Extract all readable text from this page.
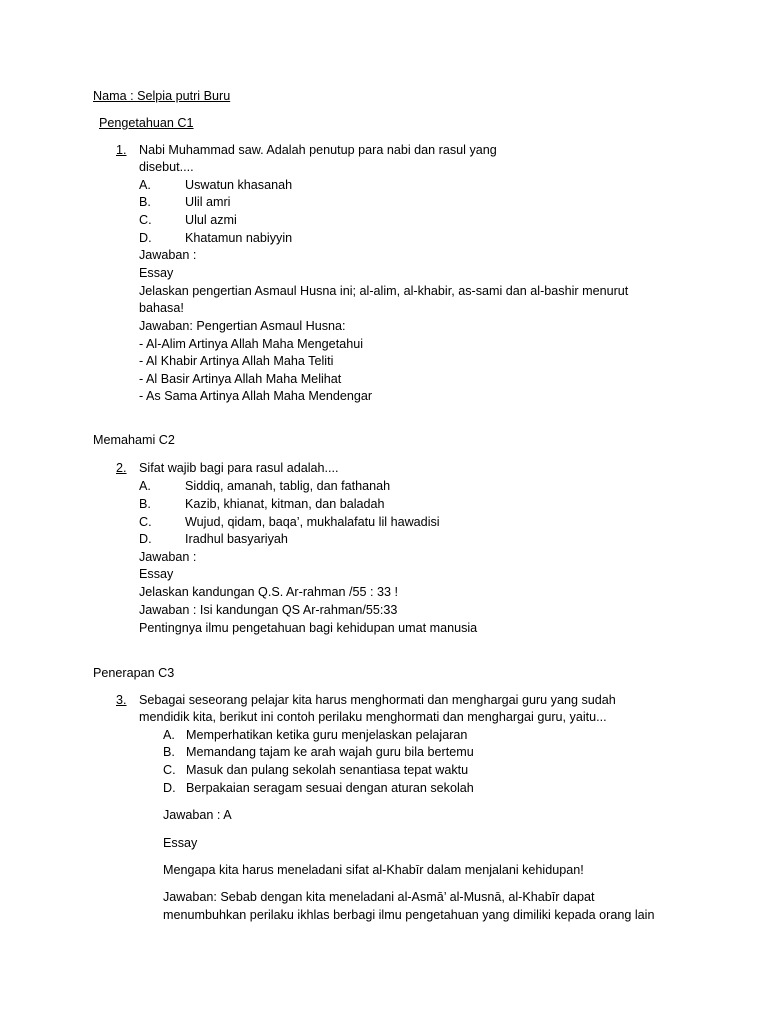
Nama : Selpia putri Buru
Pengetahuan C1
1. Nabi Muhammad saw. Adalah penutup para nabi dan rasul yang
disebut....
A.	Uswatun khasanah
B.	Ulil amri
C.	Ulul azmi
D.	Khatamun nabiyyin
Jawaban :
Essay
Jelaskan pengertian Asmaul Husna ini; al-alim, al-khabir, as-sami dan al-bashir menurut
bahasa!
Jawaban: Pengertian Asmaul Husna:
- Al-Alim Artinya Allah Maha Mengetahui
- Al Khabir Artinya Allah Maha Teliti
- Al Basir Artinya Allah Maha Melihat
- As Sama Artinya Allah Maha Mendengar
Memahami C2
2. Sifat wajib bagi para rasul adalah....
A.	Siddiq, amanah, tablig, dan fathanah
B.	Kazib, khianat, kitman, dan baladah
C.	Wujud, qidam, baqa’, mukhalafatu lil hawadisi
D.	Iradhul basyariyah
Jawaban :
Essay
Jelaskan kandungan Q.S. Ar-rahman /55 : 33 !
Jawaban : Isi kandungan QS Ar-rahman/55:33
Pentingnya ilmu pengetahuan bagi kehidupan umat manusia
Penerapan C3
3. Sebagai seseorang pelajar kita harus menghormati dan menghargai guru yang sudah
mendidik kita, berikut ini contoh perilaku menghormati dan menghargai guru, yaitu...
A. Memperhatikan ketika guru menjelaskan pelajaran
B. Memandang tajam ke arah wajah guru bila bertemu
C. Masuk dan pulang sekolah senantiasa tepat waktu
D. Berpakaian seragam sesuai dengan aturan sekolah
Jawaban : A
Essay
Mengapa kita harus meneladani sifat al-Khabīr dalam menjalani kehidupan!
Jawaban: Sebab dengan kita meneladani al-Asmā’ al-Musnā, al-Khabīr dapat
menumbuhkan perilaku ikhlas berbagi ilmu pengetahuan yang dimiliki kepada orang lain
